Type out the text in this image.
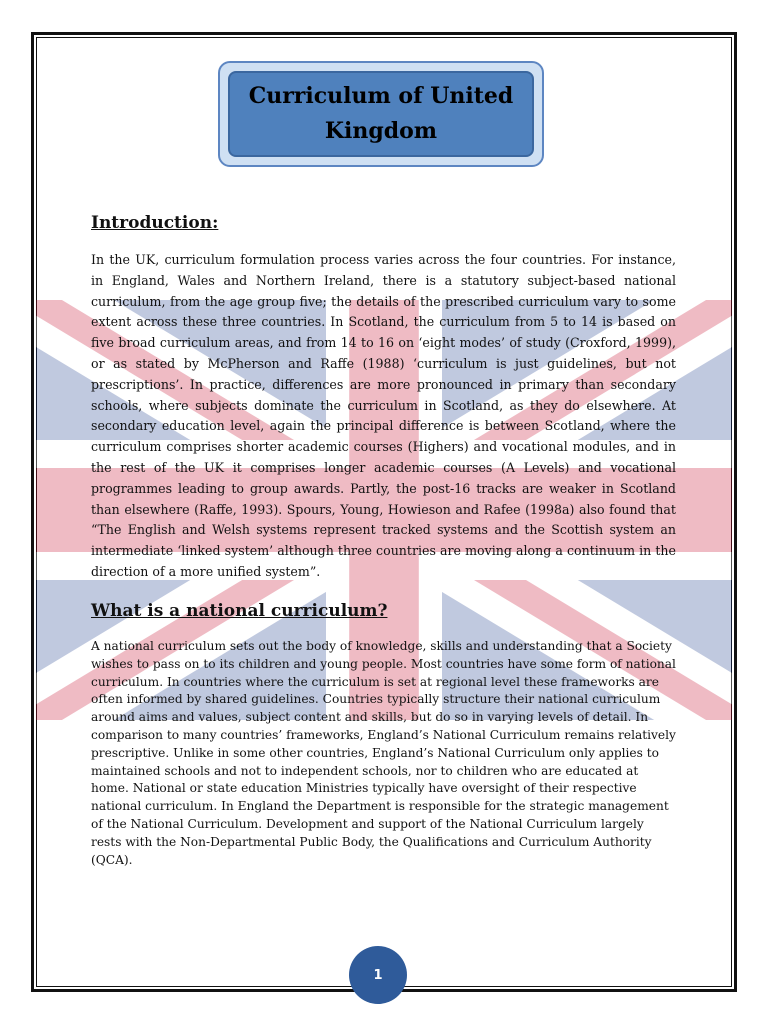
Curriculum of United Kingdom
Introduction:
In the UK, curriculum formulation process varies across the four countries. For instance, in England, Wales and Northern Ireland, there is a statutory subject-based national curriculum, from the age group five; the details of the prescribed curriculum vary to some extent across these three countries. In Scotland, the curriculum from 5 to 14 is based on five broad curriculum areas, and from 14 to 16 on ‘eight modes’ of study (Croxford, 1999), or as stated by McPherson and Raffe (1988) ‘curriculum is just guidelines, but not prescriptions’. In practice, differences are more pronounced in primary than secondary schools, where subjects dominate the curriculum in Scotland, as they do elsewhere. At secondary education level, again the principal difference is between Scotland, where the curriculum comprises shorter academic courses (Highers) and vocational modules, and in the rest of the UK it comprises longer academic courses (A Levels) and vocational programmes leading to group awards. Partly, the post-16 tracks are weaker in Scotland than elsewhere (Raffe, 1993). Spours, Young, Howieson and Rafee (1998a) also found that “The English and Welsh systems represent tracked systems and the Scottish system an intermediate ‘linked system’ although three countries are moving along a continuum in the direction of a more unified system”.
What is a national curriculum?
A national curriculum sets out the body of knowledge, skills and understanding that a Society wishes to pass on to its children and young people. Most countries have some form of national curriculum. In countries where the curriculum is set at regional level these frameworks are often informed by shared guidelines. Countries typically structure their national curriculum around aims and values, subject content and skills, but do so in varying levels of detail. In comparison to many countries’ frameworks, England’s National Curriculum remains relatively prescriptive. Unlike in some other countries, England’s National Curriculum only applies to maintained schools and not to independent schools, nor to children who are educated at home. National or state education Ministries typically have oversight of their respective national curriculum. In England the Department is responsible for the strategic management of the National Curriculum. Development and support of the National Curriculum largely rests with the Non-Departmental Public Body, the Qualifications and Curriculum Authority (QCA).
1
